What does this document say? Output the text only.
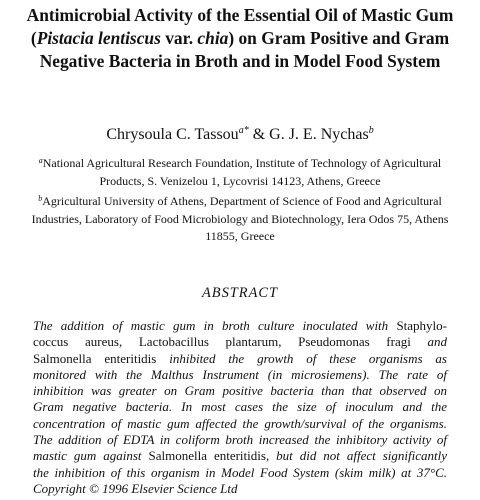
Antimicrobial Activity of the Essential Oil of Mastic Gum
(Pistacia lentiscus var. chia) on Gram Positive and Gram
Negative Bacteria in Broth and in Model Food System
Chrysoula C. Tassou$^{a*}$ & G. J. E. Nychas$^b$
$^a$National Agricultural Research Foundation, Institute of Technology of Agricultural
Products, S. Venizelou 1, Lycovrisi 14123, Athens, Greece
$^b$Agricultural University of Athens, Department of Science of Food and Agricultural
Industries, Laboratory of Food Microbiology and Biotechnology, Iera Odos 75, Athens
11855, Greece
ABSTRACT
The addition of mastic gum in broth culture inoculated with Staphylo-
coccus aureus, Lactobacillus plantarum, Pseudomonas fragi and
Salmonella enteritidis inhibited the growth of these organisms as
monitored with the Malthus Instrument (in microsiemens). The rate of
inhibition was greater on Gram positive bacteria than that observed on
Gram negative bacteria. In most cases the size of inoculum and the
concentration of mastic gum affected the growth/survival of the organisms.
The addition of EDTA in coliform broth increased the inhibitory activity of
mastic gum against Salmonella enteritidis, but did not affect significantly
the inhibition of this organism in Model Food System (skim milk) at 37°C.
Copyright © 1996 Elsevier Science Ltd
